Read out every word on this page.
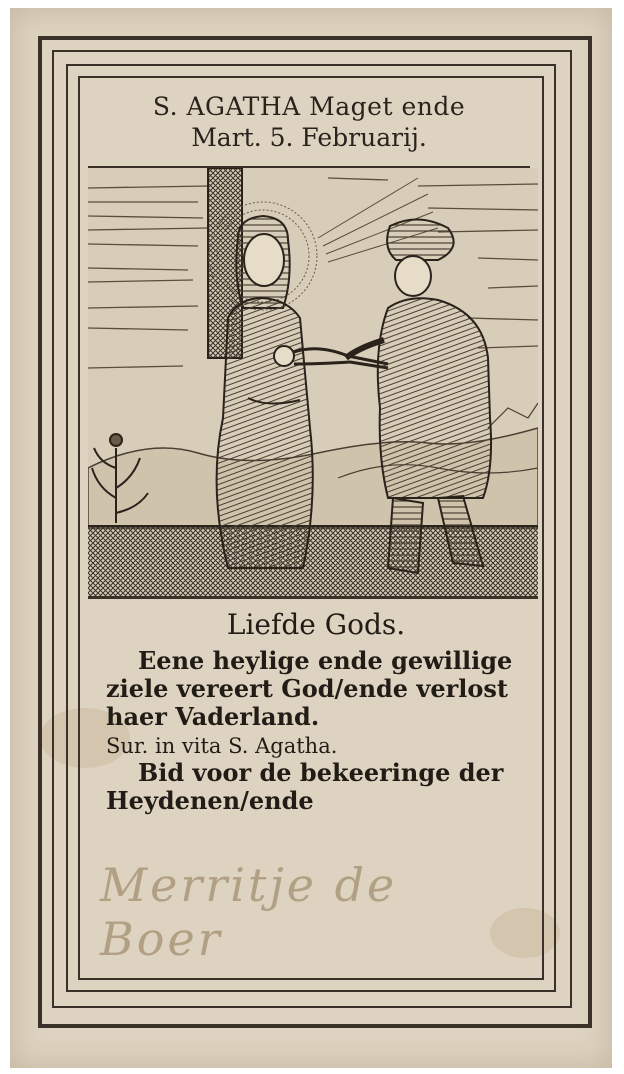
S. AGATHA Maget ende
Mart. 5. Februarij.
Liefde Gods.
Eene heylige ende gewillige
ziele vereert God/ende verlost
haer Vaderland.
Sur. in vita S. Agatha.
Bid voor de bekeeringe der
Heydenen/ende
Merritje de Boer
